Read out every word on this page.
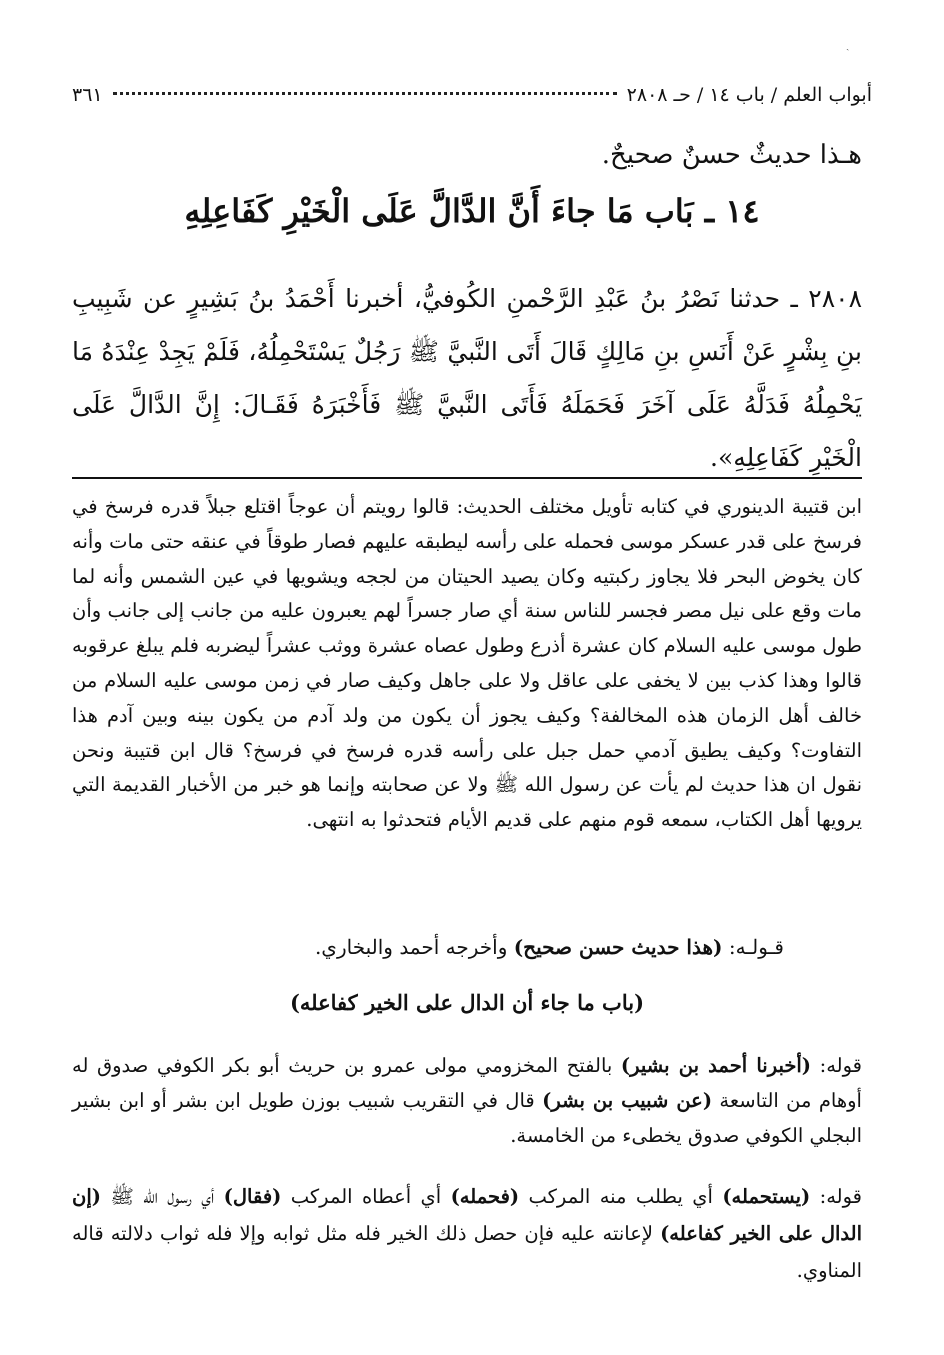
ˎ
٣٦١	أبواب العلم / باب ١٤ / حـ ٢٨٠٨
هـذا حديثٌ حسنٌ صحيحٌ.
١٤ ـ بَاب مَا جاءَ أَنَّ الدَّالَّ عَلَى الْخَيْرِ كَفَاعِلِهِ
٢٨٠٨ ـ حدثنا نَصْرُ بنُ عَبْدِ الرَّحْمنِ الكُوفيُّ، أخبرنا أَحْمَدُ بنُ بَشِيرٍ عن شَبِيبِ بنِ بِشْرٍ عَنْ أَنَسِ بنِ مَالِكٍ قَالَ أَتَى النَّبيَّ ﷺ رَجُلٌ يَسْتَحْمِلُهُ، فَلَمْ يَجِدْ عِنْدَهُ مَا يَحْمِلُهُ فَدَلَّهُ عَلَى آخَرَ فَحَمَلَهُ فَأَتَى النَّبيَّ ﷺ فَأَخْبَرَهُ فَقَـالَ: إِنَّ الدَّالَّ عَلَى الْخَيْرِ كَفَاعِلِهِ».
ابن قتيبة الدينوري في كتابه تأويل مختلف الحديث: قالوا رويتم أن عوجاً اقتلع جبلاً قدره فرسخ في فرسخ على قدر عسكر موسى فحمله على رأسه ليطبقه عليهم فصار طوقاً في عنقه حتى مات وأنه كان يخوض البحر فلا يجاوز ركبتيه وكان يصيد الحيتان من لججه ويشويها في عين الشمس وأنه لما مات وقع على نيل مصر فجسر للناس سنة أي صار جسراً لهم يعبرون عليه من جانب إلى جانب وأن طول موسى عليه السلام كان عشرة أذرع وطول عصاه عشرة ووثب عشراً ليضربه فلم يبلغ عرقوبه قالوا وهذا كذب بين لا يخفى على عاقل ولا على جاهل وكيف صار في زمن موسى عليه السلام من خالف أهل الزمان هذه المخالفة؟ وكيف يجوز أن يكون من ولد آدم من يكون بينه وبين آدم هذا التفاوت؟ وكيف يطيق آدمي حمل جبل على رأسه قدره فرسخ في فرسخ؟ قال ابن قتيبة ونحن نقول ان هذا حديث لم يأت عن رسول الله ﷺ ولا عن صحابته وإنما هو خبر من الأخبار القديمة التي يرويها أهل الكتاب، سمعه قوم منهم على قديم الأيام فتحدثوا به انتهى.
قـولـه: (هذا حديث حسن صحيح) وأخرجه أحمد والبخاري.
(باب ما جاء أن الدال على الخير كفاعله)
قوله: (أخبرنا أحمد بن بشير) بالفتح المخزومي مولى عمرو بن حريث أبو بكر الكوفي صدوق له أوهام من التاسعة (عن شبيب بن بشر) قال في التقريب شبيب بوزن طويل ابن بشر أو ابن بشير البجلي الكوفي صدوق يخطىء من الخامسة.
قوله: (يستحمله) أي يطلب منه المركب (فحمله) أي أعطاه المركب (فقال) أي رسول الله ﷺ (إن الدال على الخير كفاعله) لإعانته عليه فإن حصل ذلك الخير فله مثل ثوابه وإلا فله ثواب دلالته قاله المناوي.
